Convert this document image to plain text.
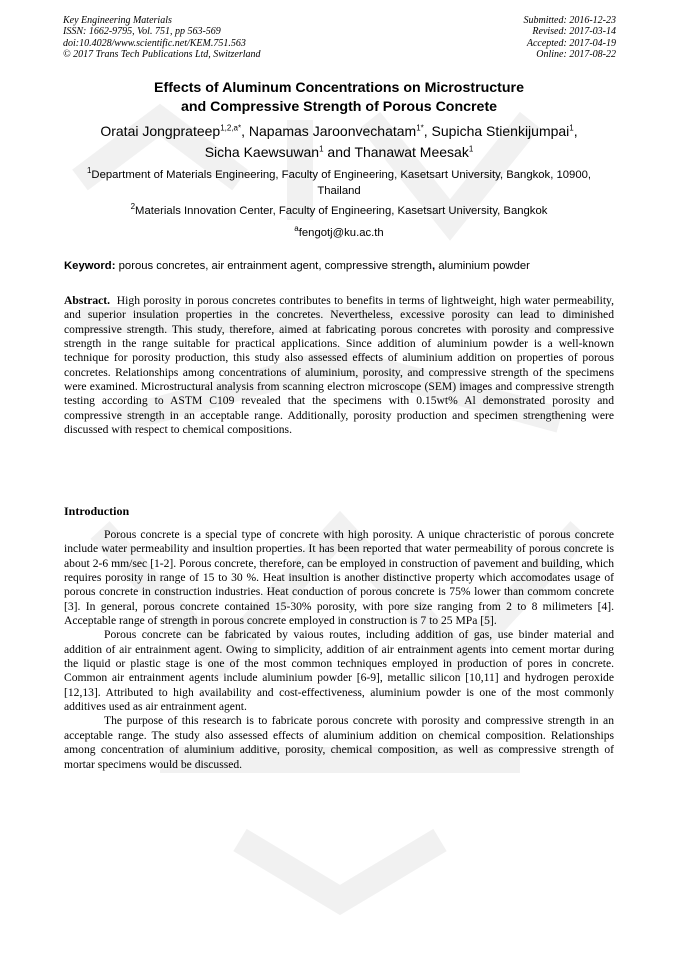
Key Engineering Materials
ISSN: 1662-9795, Vol. 751, pp 563-569
doi:10.4028/www.scientific.net/KEM.751.563
© 2017 Trans Tech Publications Ltd, Switzerland
Submitted: 2016-12-23
Revised: 2017-03-14
Accepted: 2017-04-19
Online: 2017-08-22
Effects of Aluminum Concentrations on Microstructure
and Compressive Strength of Porous Concrete
Oratai Jongprateep$^{1,2,a*}$, Napamas Jaroonvechatam$^{1*}$, Supicha Stienkijumpai$^1$,
Sicha Kaewsuwan$^1$ and Thanawat Meesak$^1$
$^1$Department of Materials Engineering, Faculty of Engineering, Kasetsart University, Bangkok, 10900, Thailand
$^2$Materials Innovation Center, Faculty of Engineering, Kasetsart University, Bangkok
$^a$fengotj@ku.ac.th
Keyword: porous concretes, air entrainment agent, compressive strength, aluminium powder
Abstract. High porosity in porous concretes contributes to benefits in terms of lightweight, high water permeability, and superior insulation properties in the concretes. Nevertheless, excessive porosity can lead to diminished compressive strength. This study, therefore, aimed at fabricating porous concretes with porosity and compressive strength in the range suitable for practical applications. Since addition of aluminium powder is a well-known technique for porosity production, this study also assessed effects of aluminium addition on properties of porous concretes. Relationships among concentrations of aluminium, porosity, and compressive strength of the specimens were examined. Microstructural analysis from scanning electron microscope (SEM) images and compressive strength testing according to ASTM C109 revealed that the specimens with 0.15wt% Al demonstrated porosity and compressive strength in an acceptable range. Additionally, porosity production and specimen strengthening were discussed with respect to chemical compositions.
Introduction

Porous concrete is a special type of concrete with high porosity. A unique chracteristic of porous concrete include water permeability and insultion properties. It has been reported that water permeability of porous concrete is about 2-6 mm/sec [1-2]. Porous concrete, therefore, can be employed in construction of pavement and building, which requires porosity in range of 15 to 30 %. Heat insultion is another distinctive property which accomodates usage of porous concrete in construction industries. Heat conduction of porous concrete is 75% lower than commom concrete [3]. In general, porous concrete contained 15-30% porosity, with pore size ranging from 2 to 8 milimeters [4]. Acceptable range of strength in porous concrete employed in construction is 7 to 25 MPa [5].

Porous concrete can be fabricated by vaious routes, including addition of gas, use binder material and addition of air entrainment agent. Owing to simplicity, addition of air entrainment agents into cement mortar during the liquid or plastic stage is one of the most common techniques employed in production of pores in concrete. Common air entrainment agents include aluminium powder [6-9], metallic silicon [10,11] and hydrogen peroxide [12,13]. Attributed to high availability and cost-effectiveness, aluminium powder is one of the most commonly additives used as air entrainment agent.

The purpose of this research is to fabricate porous concrete with porosity and compressive strength in an acceptable range. The study also assessed effects of aluminium addition on chemical composition. Relationships among concentration of aluminium additive, porosity, chemical composition, as well as compressive strength of mortar specimens would be discussed.
